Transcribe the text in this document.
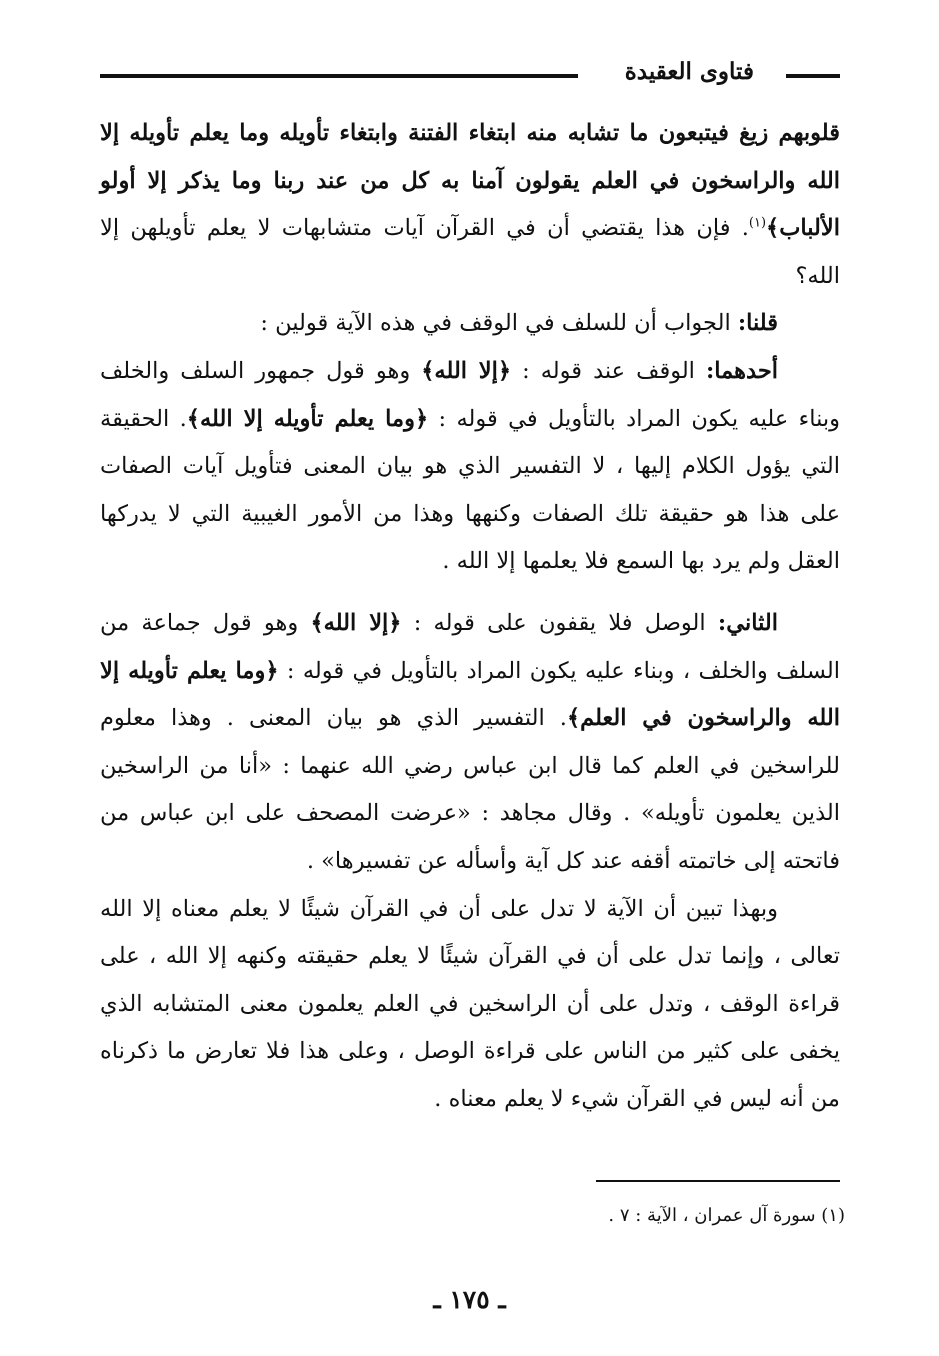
فتاوى العقيدة

قلوبهم زيغ فيتبعون ما تشابه منه ابتغاء الفتنة وابتغاء تأويله وما يعلم تأويله إلا الله والراسخون في العلم يقولون آمنا به كل من عند ربنا وما يذكر إلا أولو الألباب﴾$^{(١)}$. فإن هذا يقتضي أن في القرآن آيات متشابهات لا يعلم تأويلهن إلا الله؟

قلنا: الجواب أن للسلف في الوقف في هذه الآية قولين :

أحدهما: الوقف عند قوله : ﴿إلا الله﴾ وهو قول جمهور السلف والخلف وبناء عليه يكون المراد بالتأويل في قوله : ﴿وما يعلم تأويله إلا الله﴾. الحقيقة التي يؤول الكلام إليها ، لا التفسير الذي هو بيان المعنى فتأويل آيات الصفات على هذا هو حقيقة تلك الصفات وكنهها وهذا من الأمور الغيبية التي لا يدركها العقل ولم يرد بها السمع فلا يعلمها إلا الله .

الثاني: الوصل فلا يقفون على قوله : ﴿إلا الله﴾ وهو قول جماعة من السلف والخلف ، وبناء عليه يكون المراد بالتأويل في قوله : ﴿وما يعلم تأويله إلا الله والراسخون في العلم﴾. التفسير الذي هو بيان المعنى . وهذا معلوم للراسخين في العلم كما قال ابن عباس رضي الله عنهما : «أنا من الراسخين الذين يعلمون تأويله» . وقال مجاهد : «عرضت المصحف على ابن عباس من فاتحته إلى خاتمته أقفه عند كل آية وأسأله عن تفسيرها» .

وبهذا تبين أن الآية لا تدل على أن في القرآن شيئًا لا يعلم معناه إلا الله تعالى ، وإنما تدل على أن في القرآن شيئًا لا يعلم حقيقته وكنهه إلا الله ، على قراءة الوقف ، وتدل على أن الراسخين في العلم يعلمون معنى المتشابه الذي يخفى على كثير من الناس على قراءة الوصل ، وعلى هذا فلا تعارض ما ذكرناه من أنه ليس في القرآن شيء لا يعلم معناه .

(١) سورة آل عمران ، الآية : ٧ .
ـ ١٧٥ ـ
